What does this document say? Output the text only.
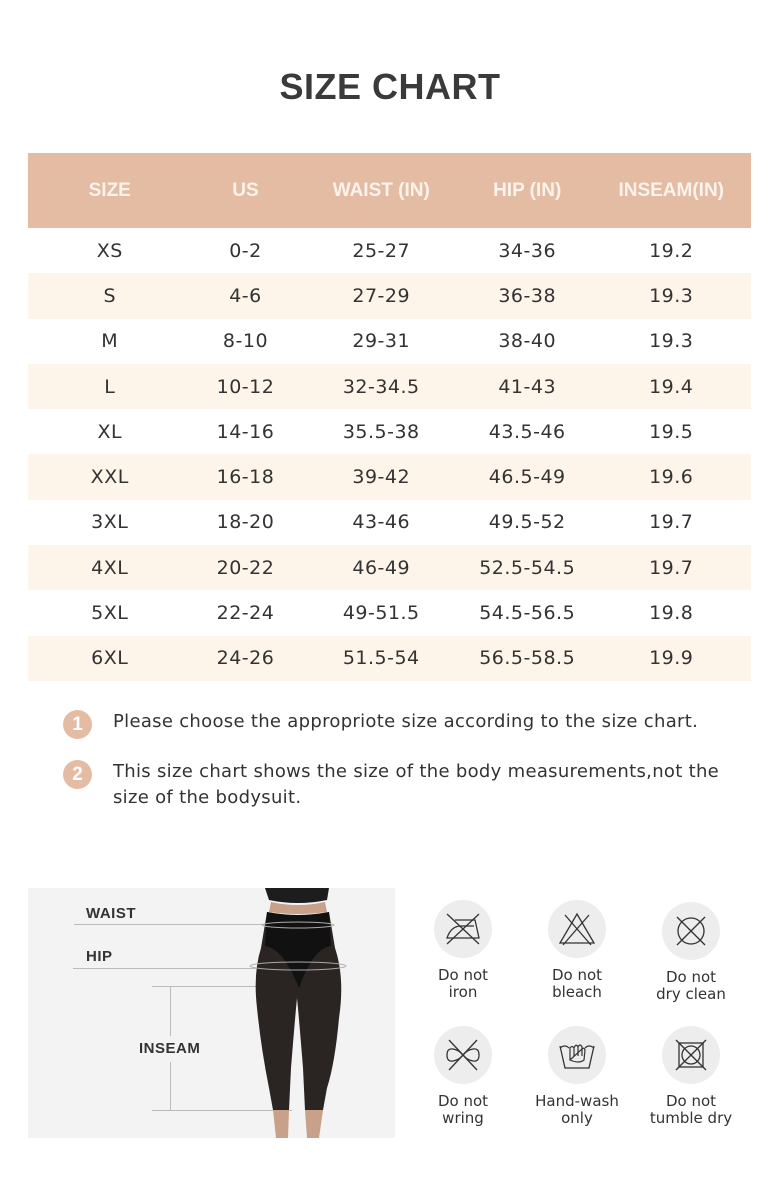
SIZE CHART
SIZE	US	WAIST (IN)	HIP (IN)	INSEAM(IN)
XS	0-2	25-27	34-36	19.2
S	4-6	27-29	36-38	19.3
M	8-10	29-31	38-40	19.3
L	10-12	32-34.5	41-43	19.4
XL	14-16	35.5-38	43.5-46	19.5
XXL	16-18	39-42	46.5-49	19.6
3XL	18-20	43-46	49.5-52	19.7
4XL	20-22	46-49	52.5-54.5	19.7
5XL	22-24	49-51.5	54.5-56.5	19.8
6XL	24-26	51.5-54	56.5-58.5	19.9
1	Please choose the appropriote size according to the size chart.
2	This size chart shows the size of the body measurements,not the size of the bodysuit.
WAIST
HIP
INSEAM
Do not
iron
Do not
bleach
Do not
dry clean
Do not
wring
Hand-wash
only
Do not
tumble dry
